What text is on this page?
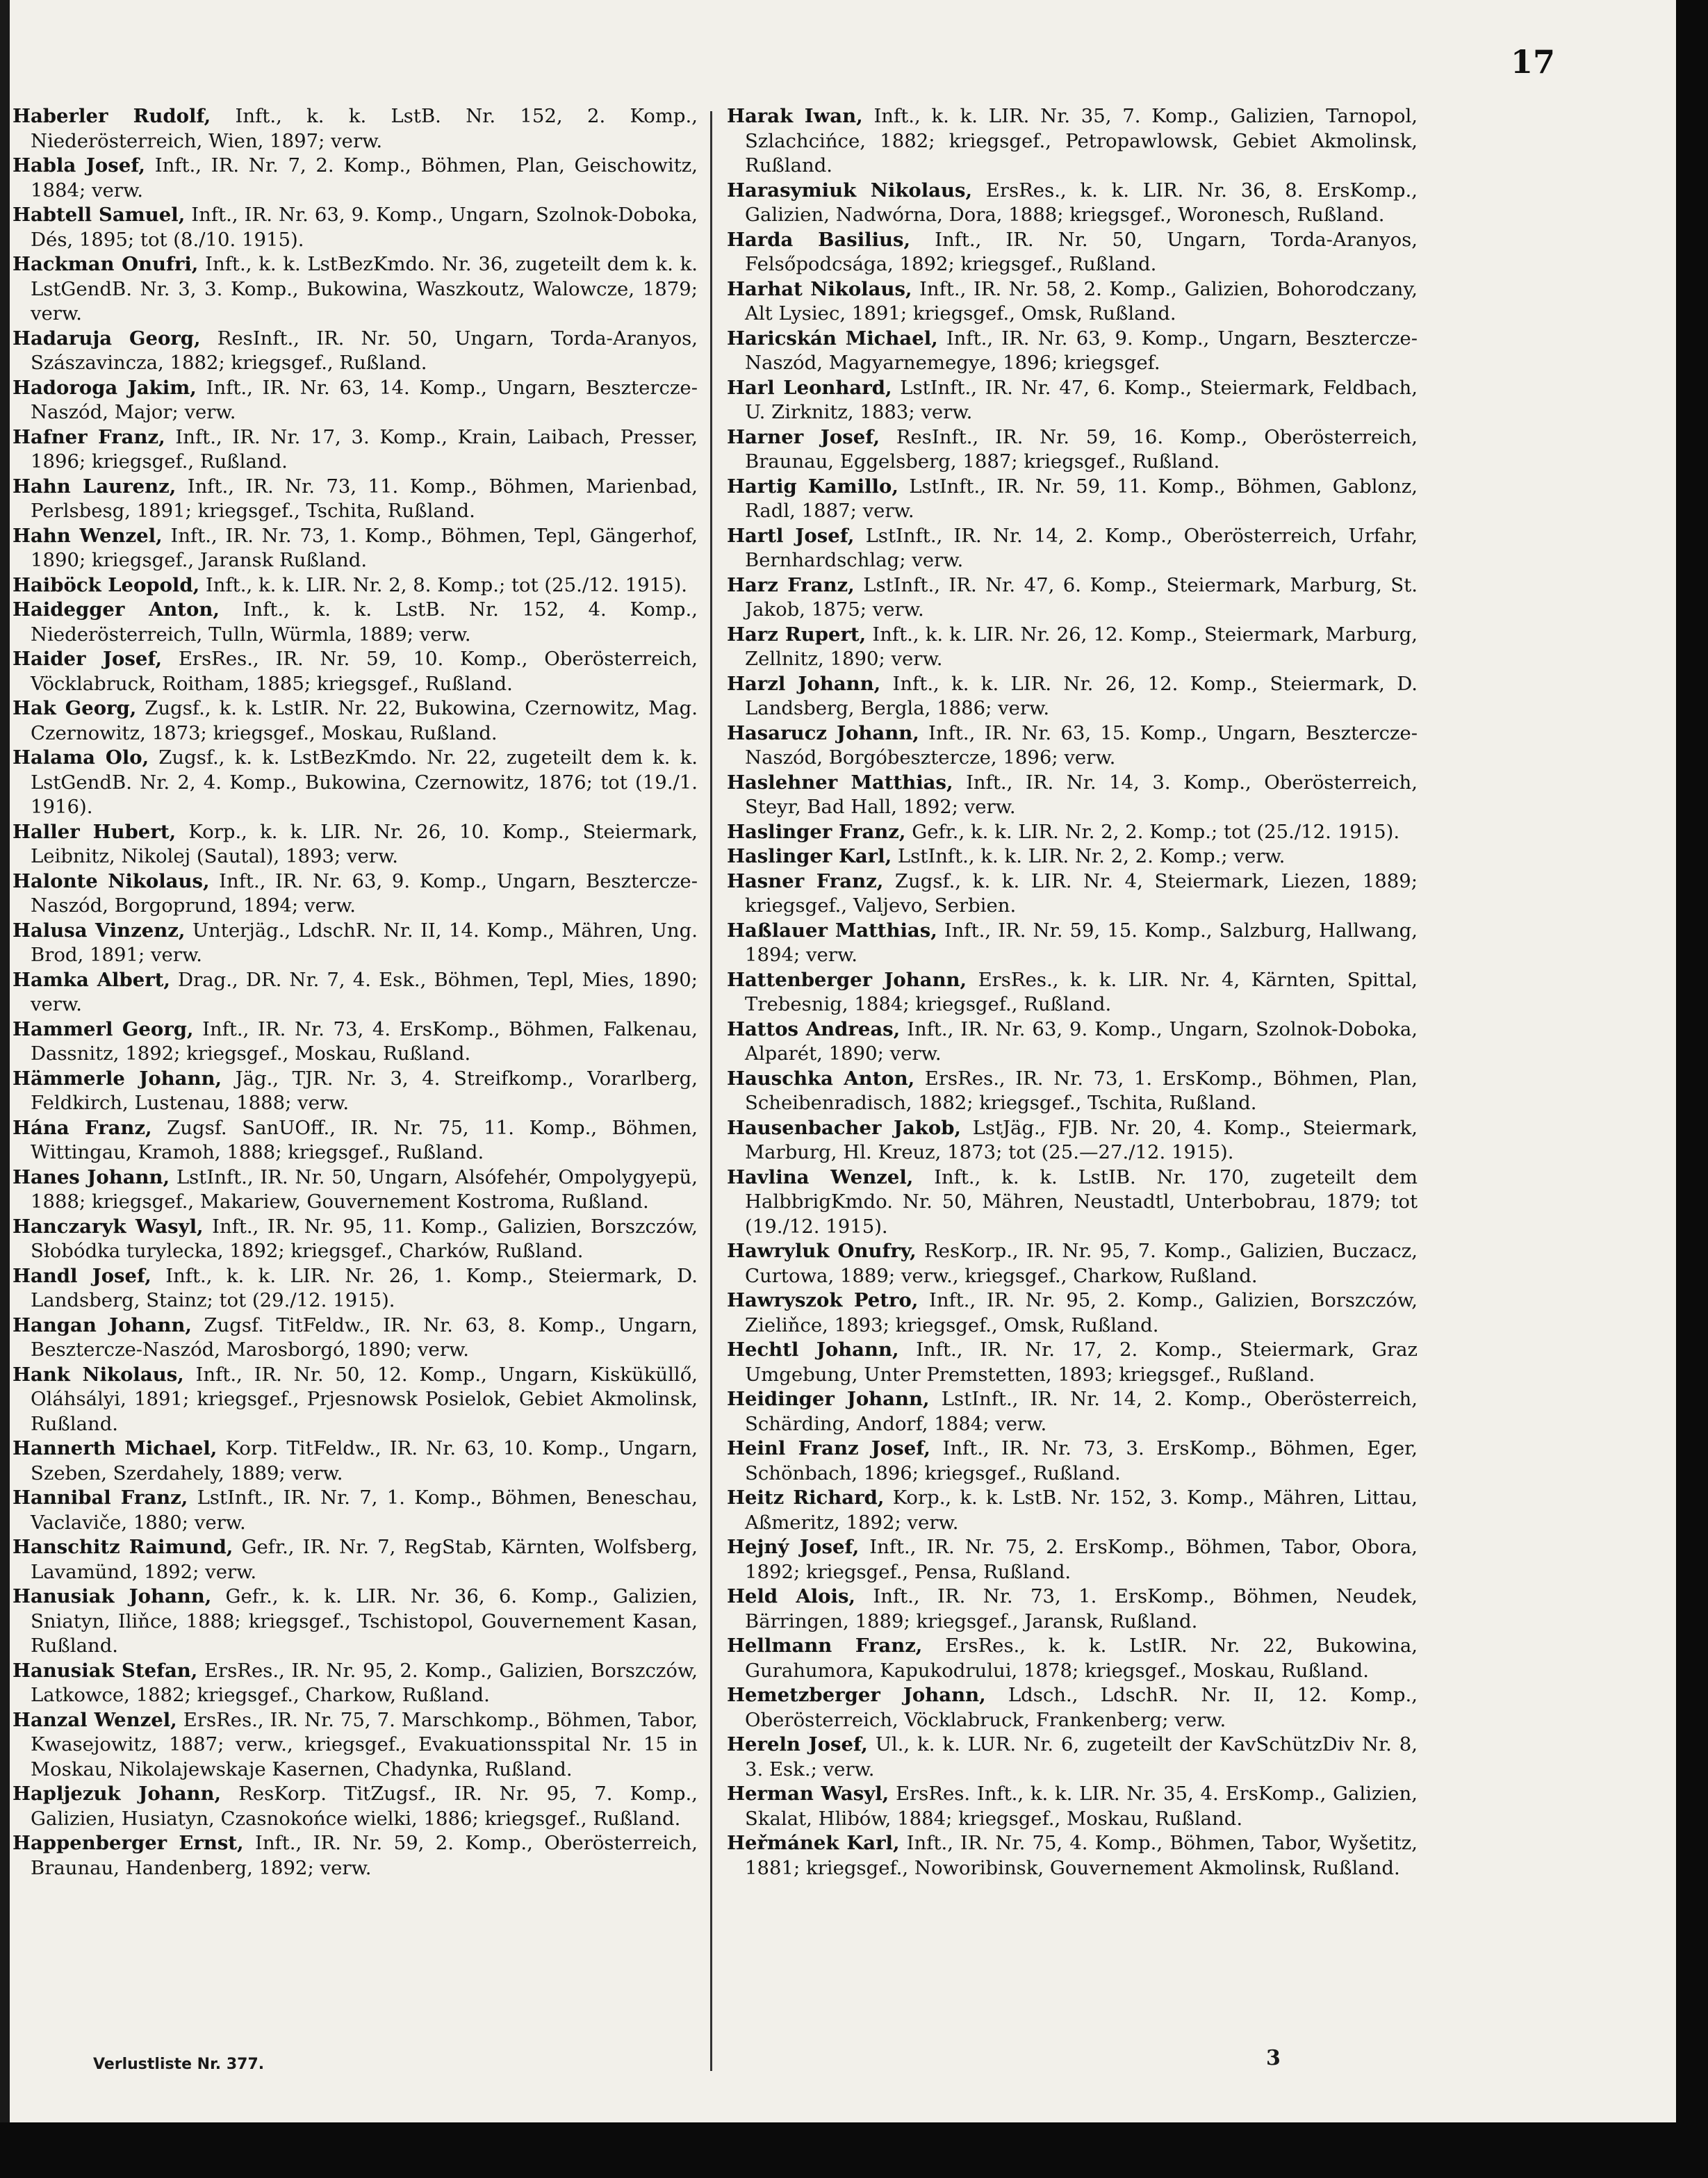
17
Haberler Rudolf, Inft., k. k. LstB. Nr. 152, 2. Komp., Niederösterreich, Wien, 1897; verw.
Habla Josef, Inft., IR. Nr. 7, 2. Komp., Böhmen, Plan, Geischowitz, 1884; verw.
Habtell Samuel, Inft., IR. Nr. 63, 9. Komp., Ungarn, Szolnok-Doboka, Dés, 1895; tot (8./10. 1915).
Hackman Onufri, Inft., k. k. LstBezKmdo. Nr. 36, zugeteilt dem k. k. LstGendB. Nr. 3, 3. Komp., Bukowina, Waszkoutz, Walowcze, 1879; verw.
Hadaruja Georg, ResInft., IR. Nr. 50, Ungarn, Torda-Aranyos, Szászavincza, 1882; kriegsgef., Rußland.
Hadoroga Jakim, Inft., IR. Nr. 63, 14. Komp., Ungarn, Besztercze-Naszód, Major; verw.
Hafner Franz, Inft., IR. Nr. 17, 3. Komp., Krain, Laibach, Presser, 1896; kriegsgef., Rußland.
Hahn Laurenz, Inft., IR. Nr. 73, 11. Komp., Böhmen, Marienbad, Perlsbesg, 1891; kriegsgef., Tschita, Rußland.
Hahn Wenzel, Inft., IR. Nr. 73, 1. Komp., Böhmen, Tepl, Gängerhof, 1890; kriegsgef., Jaransk Rußland.
Haiböck Leopold, Inft., k. k. LIR. Nr. 2, 8. Komp.; tot (25./12. 1915).
Haidegger Anton, Inft., k. k. LstB. Nr. 152, 4. Komp., Niederösterreich, Tulln, Würmla, 1889; verw.
Haider Josef, ErsRes., IR. Nr. 59, 10. Komp., Oberösterreich, Vöcklabruck, Roitham, 1885; kriegsgef., Rußland.
Hak Georg, Zugsf., k. k. LstIR. Nr. 22, Bukowina, Czernowitz, Mag. Czernowitz, 1873; kriegsgef., Moskau, Rußland.
Halama Olo, Zugsf., k. k. LstBezKmdo. Nr. 22, zugeteilt dem k. k. LstGendB. Nr. 2, 4. Komp., Bukowina, Czernowitz, 1876; tot (19./1. 1916).
Haller Hubert, Korp., k. k. LIR. Nr. 26, 10. Komp., Steiermark, Leibnitz, Nikolej (Sautal), 1893; verw.
Halonte Nikolaus, Inft., IR. Nr. 63, 9. Komp., Ungarn, Besztercze-Naszód, Borgoprund, 1894; verw.
Halusa Vinzenz, Unterjäg., LdschR. Nr. II, 14. Komp., Mähren, Ung. Brod, 1891; verw.
Hamka Albert, Drag., DR. Nr. 7, 4. Esk., Böhmen, Tepl, Mies, 1890; verw.
Hammerl Georg, Inft., IR. Nr. 73, 4. ErsKomp., Böhmen, Falkenau, Dassnitz, 1892; kriegsgef., Moskau, Rußland.
Hämmerle Johann, Jäg., TJR. Nr. 3, 4. Streifkomp., Vorarlberg, Feldkirch, Lustenau, 1888; verw.
Hána Franz, Zugsf. SanUOff., IR. Nr. 75, 11. Komp., Böhmen, Wittingau, Kramoh, 1888; kriegsgef., Rußland.
Hanes Johann, LstInft., IR. Nr. 50, Ungarn, Alsófehér, Ompolygyepü, 1888; kriegsgef., Makariew, Gouvernement Kostroma, Rußland.
Hanczaryk Wasyl, Inft., IR. Nr. 95, 11. Komp., Galizien, Borszczów, Słobódka turylecka, 1892; kriegsgef., Charków, Rußland.
Handl Josef, Inft., k. k. LIR. Nr. 26, 1. Komp., Steiermark, D. Landsberg, Stainz; tot (29./12. 1915).
Hangan Johann, Zugsf. TitFeldw., IR. Nr. 63, 8. Komp., Ungarn, Besztercze-Naszód, Marosborgó, 1890; verw.
Hank Nikolaus, Inft., IR. Nr. 50, 12. Komp., Ungarn, Kisküküllő, Oláhsályi, 1891; kriegsgef., Prjesnowsk Posielok, Gebiet Akmolinsk, Rußland.
Hannerth Michael, Korp. TitFeldw., IR. Nr. 63, 10. Komp., Ungarn, Szeben, Szerdahely, 1889; verw.
Hannibal Franz, LstInft., IR. Nr. 7, 1. Komp., Böhmen, Beneschau, Vaclaviče, 1880; verw.
Hanschitz Raimund, Gefr., IR. Nr. 7, RegStab, Kärnten, Wolfsberg, Lavamünd, 1892; verw.
Hanusiak Johann, Gefr., k. k. LIR. Nr. 36, 6. Komp., Galizien, Sniatyn, Iliňce, 1888; kriegsgef., Tschistopol, Gouvernement Kasan, Rußland.
Hanusiak Stefan, ErsRes., IR. Nr. 95, 2. Komp., Galizien, Borszczów, Latkowce, 1882; kriegsgef., Charkow, Rußland.
Hanzal Wenzel, ErsRes., IR. Nr. 75, 7. Marschkomp., Böhmen, Tabor, Kwasejowitz, 1887; verw., kriegsgef., Evakuationsspital Nr. 15 in Moskau, Nikolajewskaje Kasernen, Chadynka, Rußland.
Hapljezuk Johann, ResKorp. TitZugsf., IR. Nr. 95, 7. Komp., Galizien, Husiatyn, Czasnokońce wielki, 1886; kriegsgef., Rußland.
Happenberger Ernst, Inft., IR. Nr. 59, 2. Komp., Oberösterreich, Braunau, Handenberg, 1892; verw.
Harak Iwan, Inft., k. k. LIR. Nr. 35, 7. Komp., Galizien, Tarnopol, Szlachcińce, 1882; kriegsgef., Petropawlowsk, Gebiet Akmolinsk, Rußland.
Harasymiuk Nikolaus, ErsRes., k. k. LIR. Nr. 36, 8. ErsKomp., Galizien, Nadwórna, Dora, 1888; kriegsgef., Woronesch, Rußland.
Harda Basilius, Inft., IR. Nr. 50, Ungarn, Torda-Aranyos, Felsőpodcsága, 1892; kriegsgef., Rußland.
Harhat Nikolaus, Inft., IR. Nr. 58, 2. Komp., Galizien, Bohorodczany, Alt Lysiec, 1891; kriegsgef., Omsk, Rußland.
Haricskán Michael, Inft., IR. Nr. 63, 9. Komp., Ungarn, Besztercze-Naszód, Magyarnemegye, 1896; kriegsgef.
Harl Leonhard, LstInft., IR. Nr. 47, 6. Komp., Steiermark, Feldbach, U. Zirknitz, 1883; verw.
Harner Josef, ResInft., IR. Nr. 59, 16. Komp., Oberösterreich, Braunau, Eggelsberg, 1887; kriegsgef., Rußland.
Hartig Kamillo, LstInft., IR. Nr. 59, 11. Komp., Böhmen, Gablonz, Radl, 1887; verw.
Hartl Josef, LstInft., IR. Nr. 14, 2. Komp., Oberösterreich, Urfahr, Bernhardschlag; verw.
Harz Franz, LstInft., IR. Nr. 47, 6. Komp., Steiermark, Marburg, St. Jakob, 1875; verw.
Harz Rupert, Inft., k. k. LIR. Nr. 26, 12. Komp., Steiermark, Marburg, Zellnitz, 1890; verw.
Harzl Johann, Inft., k. k. LIR. Nr. 26, 12. Komp., Steiermark, D. Landsberg, Bergla, 1886; verw.
Hasarucz Johann, Inft., IR. Nr. 63, 15. Komp., Ungarn, Besztercze-Naszód, Borgóbesztercze, 1896; verw.
Haslehner Matthias, Inft., IR. Nr. 14, 3. Komp., Oberösterreich, Steyr, Bad Hall, 1892; verw.
Haslinger Franz, Gefr., k. k. LIR. Nr. 2, 2. Komp.; tot (25./12. 1915).
Haslinger Karl, LstInft., k. k. LIR. Nr. 2, 2. Komp.; verw.
Hasner Franz, Zugsf., k. k. LIR. Nr. 4, Steiermark, Liezen, 1889; kriegsgef., Valjevo, Serbien.
Haßlauer Matthias, Inft., IR. Nr. 59, 15. Komp., Salzburg, Hallwang, 1894; verw.
Hattenberger Johann, ErsRes., k. k. LIR. Nr. 4, Kärnten, Spittal, Trebesnig, 1884; kriegsgef., Rußland.
Hattos Andreas, Inft., IR. Nr. 63, 9. Komp., Ungarn, Szolnok-Doboka, Alparét, 1890; verw.
Hauschka Anton, ErsRes., IR. Nr. 73, 1. ErsKomp., Böhmen, Plan, Scheibenradisch, 1882; kriegsgef., Tschita, Rußland.
Hausenbacher Jakob, LstJäg., FJB. Nr. 20, 4. Komp., Steiermark, Marburg, Hl. Kreuz, 1873; tot (25.—27./12. 1915).
Havlina Wenzel, Inft., k. k. LstIB. Nr. 170, zugeteilt dem HalbbrigKmdo. Nr. 50, Mähren, Neustadtl, Unterbobrau, 1879; tot (19./12. 1915).
Hawryluk Onufry, ResKorp., IR. Nr. 95, 7. Komp., Galizien, Buczacz, Curtowa, 1889; verw., kriegsgef., Charkow, Rußland.
Hawryszok Petro, Inft., IR. Nr. 95, 2. Komp., Galizien, Borszczów, Zieliňce, 1893; kriegsgef., Omsk, Rußland.
Hechtl Johann, Inft., IR. Nr. 17, 2. Komp., Steiermark, Graz Umgebung, Unter Premstetten, 1893; kriegsgef., Rußland.
Heidinger Johann, LstInft., IR. Nr. 14, 2. Komp., Oberösterreich, Schärding, Andorf, 1884; verw.
Heinl Franz Josef, Inft., IR. Nr. 73, 3. ErsKomp., Böhmen, Eger, Schönbach, 1896; kriegsgef., Rußland.
Heitz Richard, Korp., k. k. LstB. Nr. 152, 3. Komp., Mähren, Littau, Aßmeritz, 1892; verw.
Hejný Josef, Inft., IR. Nr. 75, 2. ErsKomp., Böhmen, Tabor, Obora, 1892; kriegsgef., Pensa, Rußland.
Held Alois, Inft., IR. Nr. 73, 1. ErsKomp., Böhmen, Neudek, Bärringen, 1889; kriegsgef., Jaransk, Rußland.
Hellmann Franz, ErsRes., k. k. LstIR. Nr. 22, Bukowina, Gurahumora, Kapukodrului, 1878; kriegsgef., Moskau, Rußland.
Hemetzberger Johann, Ldsch., LdschR. Nr. II, 12. Komp., Oberösterreich, Vöcklabruck, Frankenberg; verw.
Hereln Josef, Ul., k. k. LUR. Nr. 6, zugeteilt der KavSchützDiv Nr. 8, 3. Esk.; verw.
Herman Wasyl, ErsRes. Inft., k. k. LIR. Nr. 35, 4. ErsKomp., Galizien, Skalat, Hlibów, 1884; kriegsgef., Moskau, Rußland.
Heřmánek Karl, Inft., IR. Nr. 75, 4. Komp., Böhmen, Tabor, Wyšetitz, 1881; kriegsgef., Noworibinsk, Gouvernement Akmolinsk, Rußland.
Verlustliste Nr. 377.	3
